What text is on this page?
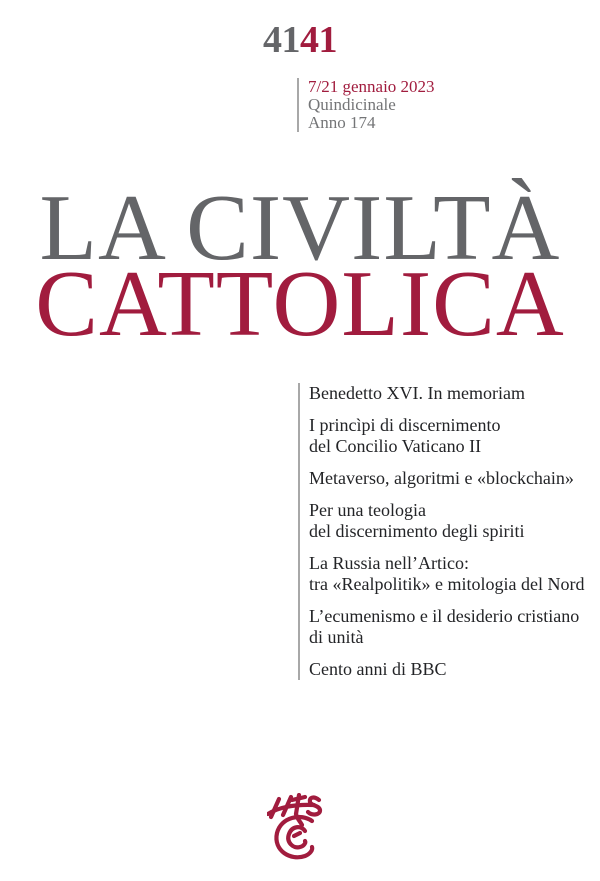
4141
7/21 gennaio 2023
Quindicinale
Anno 174
LA CIVILTÀ
CATTOLICA
Benedetto XVI. In memoriam
I princìpi di discernimento
del Concilio Vaticano II
Metaverso, algoritmi e «blockchain»
Per una teologia
del discernimento degli spiriti
La Russia nell’Artico:
tra «Realpolitik» e mitologia del Nord
L’ecumenismo e il desiderio cristiano
di unità
Cento anni di BBC
